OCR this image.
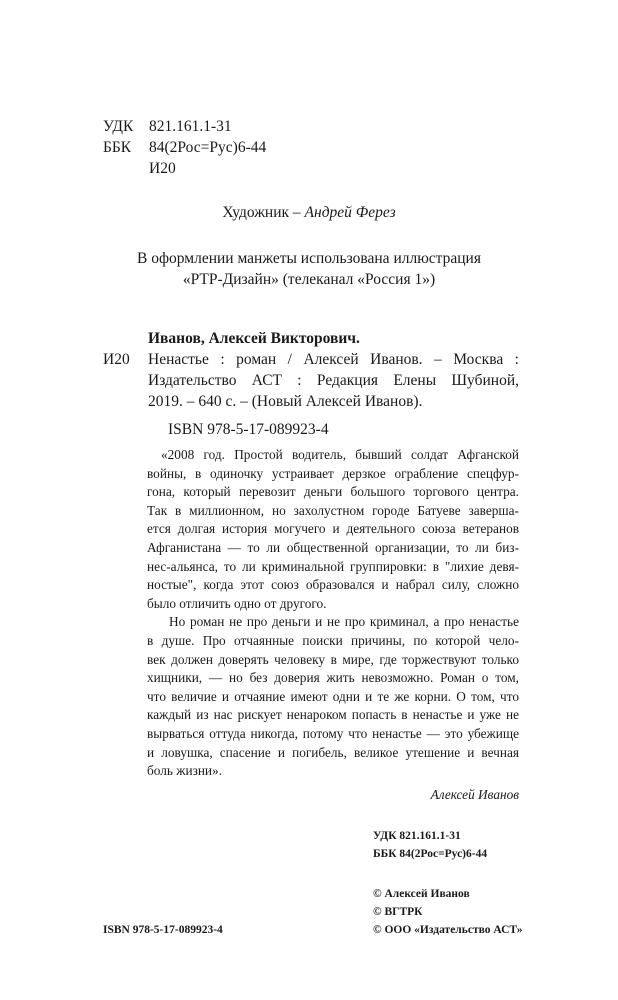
УДК 821.161.1-31
ББК 84(2Рос=Рус)6-44
И20
Художник – Андрей Ферез
В оформлении манжеты использована иллюстрация
«РТР-Дизайн» (телеканал «Россия 1»)
Иванов, Алексей Викторович.
И20 Ненастье : роман / Алексей Иванов. – Москва :
Издательство АСТ : Редакция Елены Шубиной,
2019. – 640 с. – (Новый Алексей Иванов).
ISBN 978-5-17-089923-4
«2008 год. Простой водитель, бывший солдат Афганской
войны, в одиночку устраивает дерзкое ограбление спецфур-
гона, который перевозит деньги большого торгового центра.
Так в миллионном, но захолустном городе Батуеве заверша-
ется долгая история могучего и деятельного союза ветеранов
Афганистана — то ли общественной организации, то ли биз-
нес-альянса, то ли криминальной группировки: в "лихие девя-
ностые", когда этот союз образовался и набрал силу, сложно
было отличить одно от другого.
Но роман не про деньги и не про криминал, а про ненастье
в душе. Про отчаянные поиски причины, по которой чело-
век должен доверять человеку в мире, где торжествуют только
хищники, — но без доверия жить невозможно. Роман о том,
что величие и отчаяние имеют одни и те же корни. О том, что
каждый из нас рискует ненароком попасть в ненастье и уже не
вырваться оттуда никогда, потому что ненастье — это убежище
и ловушка, спасение и погибель, великое утешение и вечная
боль жизни».
Алексей Иванов
УДК 821.161.1-31
ББК 84(2Рос=Рус)6-44
© Алексей Иванов
© ВГТРК
© ООО «Издательство АСТ»
ISBN 978-5-17-089923-4
